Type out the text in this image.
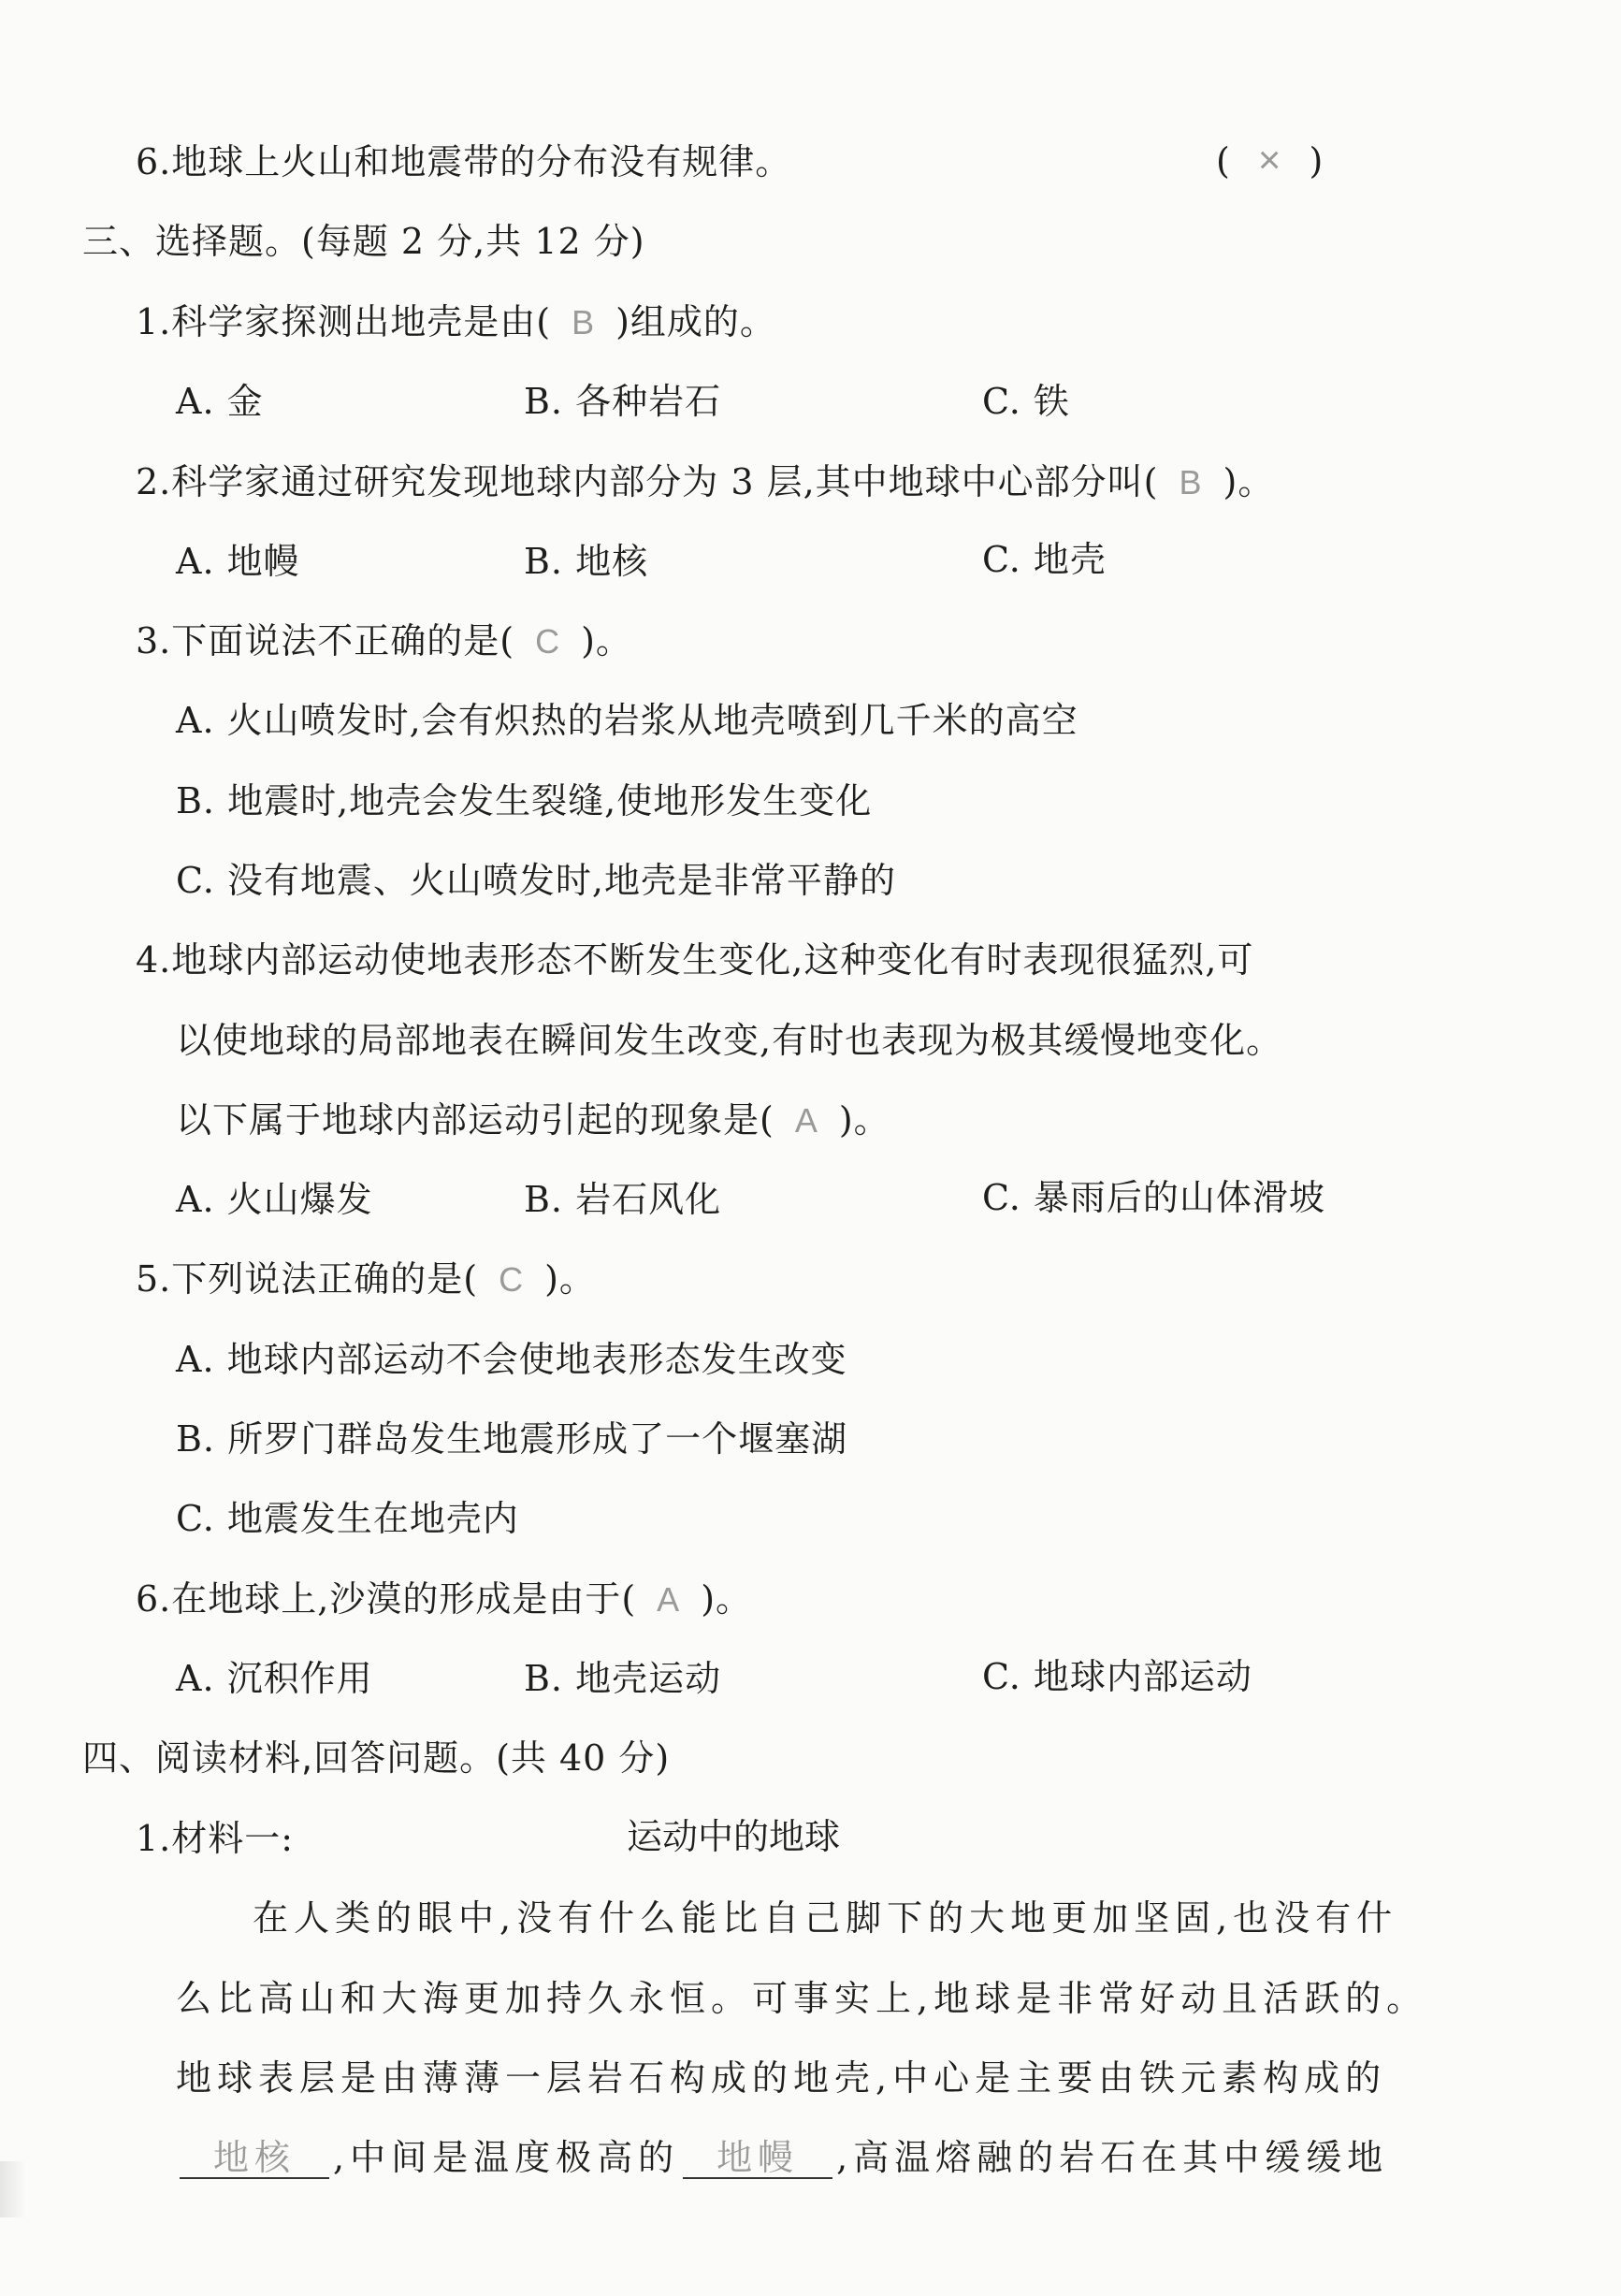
6.地球上火山和地震带的分布没有规律。	( × )
三、选择题。(每题 2 分,共 12 分)
1.科学家探测出地壳是由( B )组成的。
A. 金	B. 各种岩石	C. 铁
2.科学家通过研究发现地球内部分为 3 层,其中地球中心部分叫( B )。
A. 地幔	B. 地核	C. 地壳
3.下面说法不正确的是( C )。
A. 火山喷发时,会有炽热的岩浆从地壳喷到几千米的高空
B. 地震时,地壳会发生裂缝,使地形发生变化
C. 没有地震、火山喷发时,地壳是非常平静的
4.地球内部运动使地表形态不断发生变化,这种变化有时表现很猛烈,可
以使地球的局部地表在瞬间发生改变,有时也表现为极其缓慢地变化。
以下属于地球内部运动引起的现象是( A )。
A. 火山爆发	B. 岩石风化	C. 暴雨后的山体滑坡
5.下列说法正确的是( C )。
A. 地球内部运动不会使地表形态发生改变
B. 所罗门群岛发生地震形成了一个堰塞湖
C. 地震发生在地壳内
6.在地球上,沙漠的形成是由于( A )。
A. 沉积作用	B. 地壳运动	C. 地球内部运动
四、阅读材料,回答问题。(共 40 分)
1.材料一:	运动中的地球
在人类的眼中,没有什么能比自己脚下的大地更加坚固,也没有什
么比高山和大海更加持久永恒。可事实上,地球是非常好动且活跃的。
地球表层是由薄薄一层岩石构成的地壳,中心是主要由铁元素构成的
地核 ,中间是温度极高的 地幔 ,高温熔融的岩石在其中缓缓地
